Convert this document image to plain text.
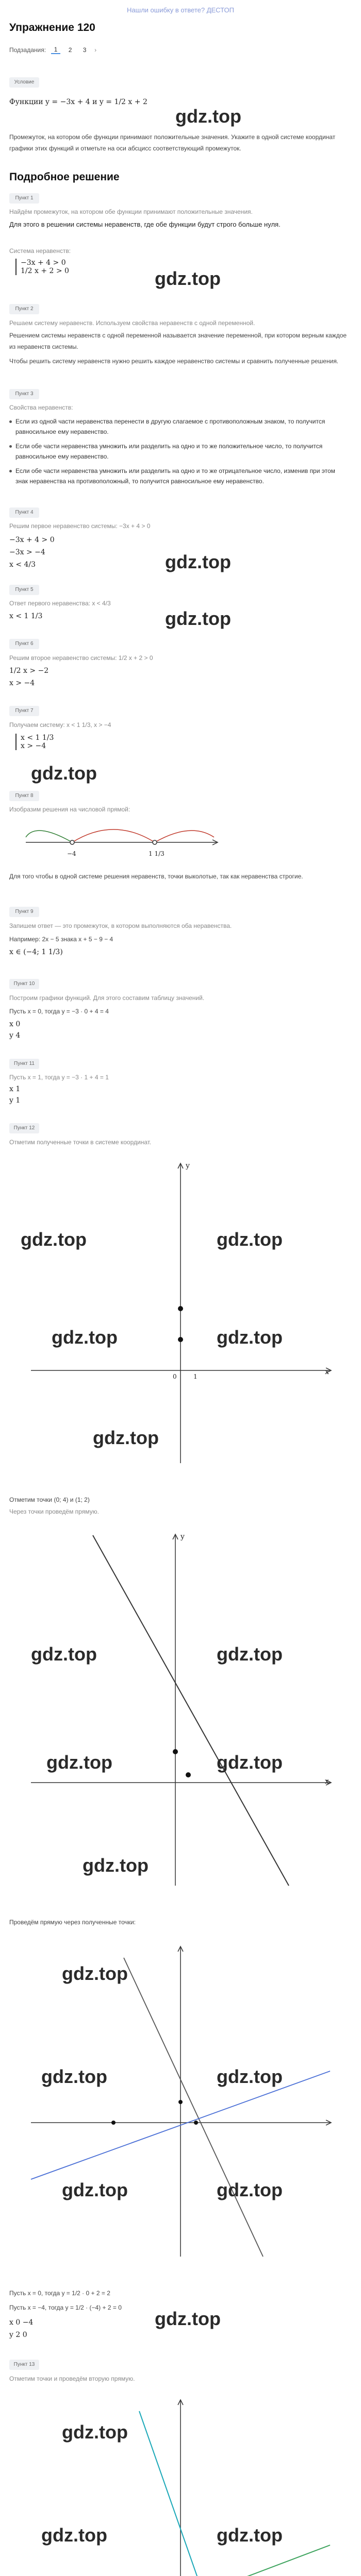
Нашли ошибку в ответе? ДЕСТОП
Упражнение 120
Подзадания:	1	2	3	›
Условие
Функции y = −3x + 4 и y = 1/2 x + 2
gdz.top
Промежуток, на котором обе функции принимают положительные значения. Укажите в одной системе координат графики этих функций и отметьте на оси абсцисс соответствующий промежуток.
Подробное решение
Пункт 1
Найдём промежуток, на котором обе функции принимают положительные значения.
Для этого в решении системы неравенств, где обе функции будут строго больше нуля.
Система неравенств:
−3x + 4 > 0
1/2 x + 2 > 0	gdz.top
Пункт 2
Решаем систему неравенств. Используем свойства неравенств с одной переменной.
Решением системы неравенств с одной переменной называется значение переменной, при котором верным каждое из неравенств системы.
Чтобы решить систему неравенств нужно решить каждое неравенство системы и сравнить полученные решения.
Пункт 3
Свойства неравенств:
Если из одной части неравенства перенести в другую слагаемое с противоположным знаком, то получится равносильное ему неравенство.
Если обе части неравенства умножить или разделить на одно и то же положительное число, то получится равносильное ему неравенство.
Если обе части неравенства умножить или разделить на одно и то же отрицательное число, изменив при этом знак неравенства на противоположный, то получится равносильное ему неравенство.
Пункт 4
Решим первое неравенство системы: −3x + 4 > 0
−3x + 4 > 0
−3x > −4
x < 4/3	gdz.top
Пункт 5
Ответ первого неравенства: x < 4/3
x < 1 1/3	gdz.top
Пункт 6
Решим второе неравенство системы: 1/2 x + 2 > 0
1/2 x > −2
x > −4
Пункт 7
Получаем систему: x < 1 1/3, x > −4
x < 1 1/3
x > −4
gdz.top
Пункт 8
Изобразим решения на числовой прямой:
−4	1 1/3
Для того чтобы в одной системе решения неравенств, точки выколотые, так как неравенства строгие.
Пункт 9
Запишем ответ — это промежуток, в котором выполняются оба неравенства.
Например: 2x − 5 знака x + 5 − 9 − 4
x ∈ (−4; 1 1/3)
Пункт 10
Построим графики функций. Для этого составим таблицу значений.
Пусть x = 0, тогда y = −3 · 0 + 4 = 4
x 0
y 4
Пункт 11
Пусть x = 1, тогда y = −3 · 1 + 4 = 1
x 1
y 1
Пункт 12
Отметим полученные точки в системе координат.
x
y
0	1
gdz.top	gdz.top
gdz.top	gdz.top
gdz.top
Отметим точки (0; 4) и (1; 2)
Через точки проведём прямую.
x
y
gdz.top	gdz.top
gdz.top	gdz.top
gdz.top
Проведём прямую через полученные точки:
gdz.top
gdz.top	gdz.top
gdz.top	gdz.top
Пусть x = 0, тогда y = 1/2 · 0 + 2 = 2
Пусть x = −4, тогда y = 1/2 · (−4) + 2 = 0
x 0 −4
y 2 0
gdz.top
Пункт 13
Отметим точки и проведём вторую прямую.
gdz.top
gdz.top	gdz.top
